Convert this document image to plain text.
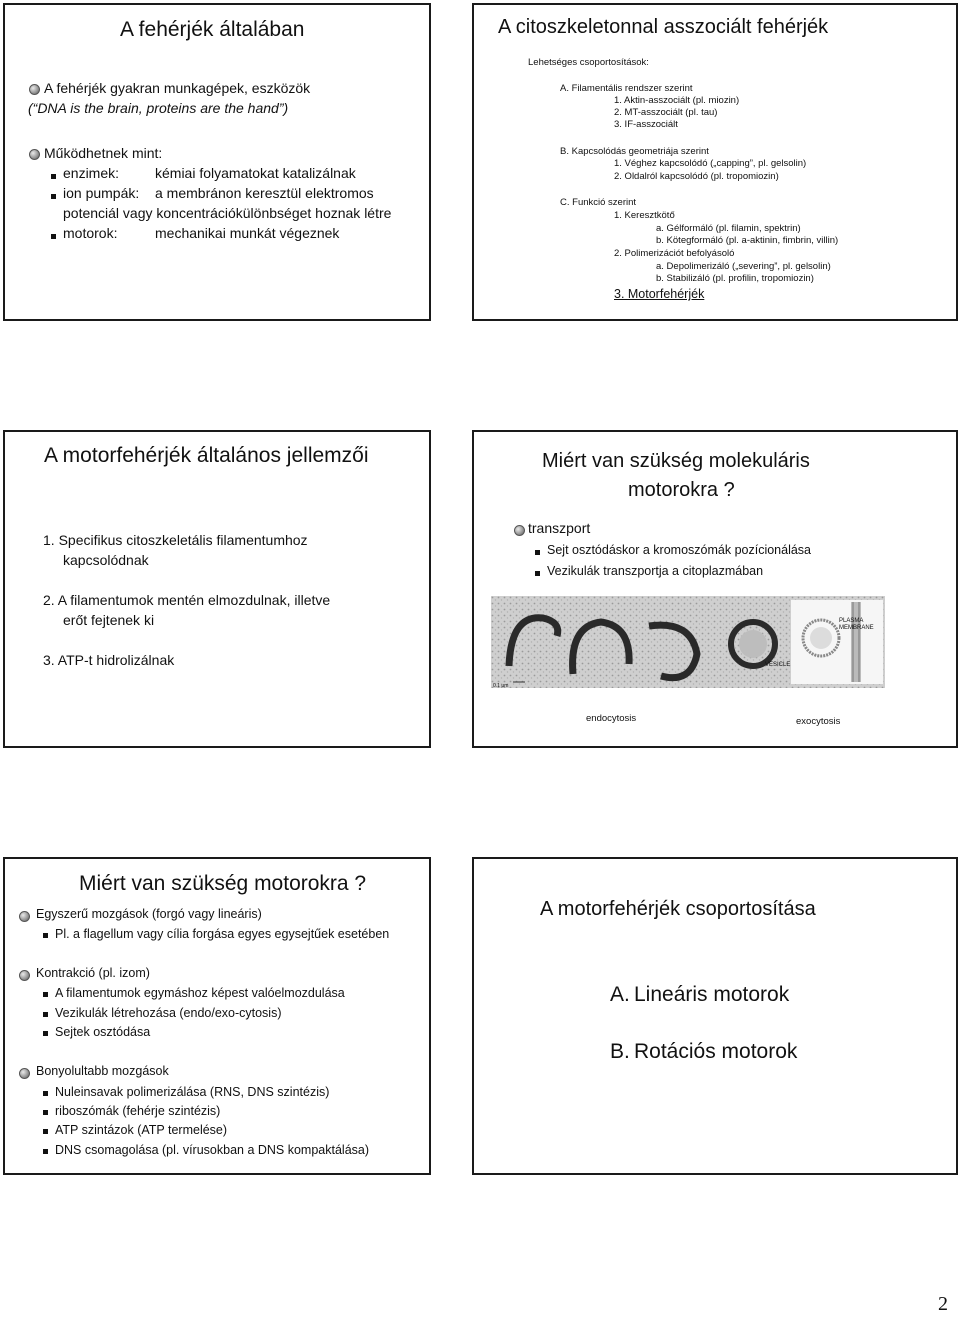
A fehérjék általában
A fehérjék gyakran munkagépek, eszközök
(“DNA is the brain, proteins are the hand”)
Működhetnek mint:
enzimek:	kémiai folyamatokat katalizálnak
ion pumpák: a membránon keresztül elektromos
potenciál vagy koncentrációkülönbséget hoznak létre
motorok:	mechanikai munkát végeznek
A citoszkeletonnal asszociált fehérjék
Lehetséges csoportosítások:
A. Filamentális rendszer szerint
1. Aktin-asszociált (pl. miozin)
2. MT-asszociált (pl. tau)
3. IF-asszociált
B. Kapcsolódás geometriája szerint
1. Véghez kapcsolódó („capping”, pl. gelsolin)
2. Oldalról kapcsolódó (pl. tropomiozin)
C. Funkció szerint
1. Keresztkötő
a. Gélformáló (pl. filamin, spektrin)
b. Kötegformáló (pl. a-aktinin, fimbrin, villin)
2. Polimerizációt befolyásoló
a. Depolimerizáló („severing”, pl. gelsolin)
b. Stabilizáló (pl. profilin, tropomiozin)
3. Motorfehérjék
A motorfehérjék általános jellemzői
1. Specifikus citoszkeletális filamentumhoz
kapcsolódnak
2. A filamentumok mentén elmozdulnak, illetve
erőt fejtenek ki
3. ATP-t hidrolizálnak
Miért van szükség molekuláris
motorokra ?
transzport
Sejt osztódáskor a kromoszómák pozícionálása
Vezikulák transzportja a citoplazmában
VESICLE
PLASMA
MEMBRANE
0.1 μm
endocytosis	exocytosis
Miért van szükség motorokra ?
Egyszerű mozgások (forgó vagy lineáris)
Pl. a flagellum vagy cília forgása egyes egysejtűek esetében
Kontrakció (pl. izom)
A filamentumok egymáshoz képest valóelmozdulása
Vezikulák létrehozása (endo/exo-cytosis)
Sejtek osztódása
Bonyolultabb mozgások
Nuleinsavak polimerizálása (RNS, DNS szintézis)
riboszómák (fehérje szintézis)
ATP szintázok (ATP termelése)
DNS csomagolása (pl. vírusokban a DNS kompaktálása)
A motorfehérjék csoportosítása
A. Lineáris motorok
B. Rotációs motorok
2
